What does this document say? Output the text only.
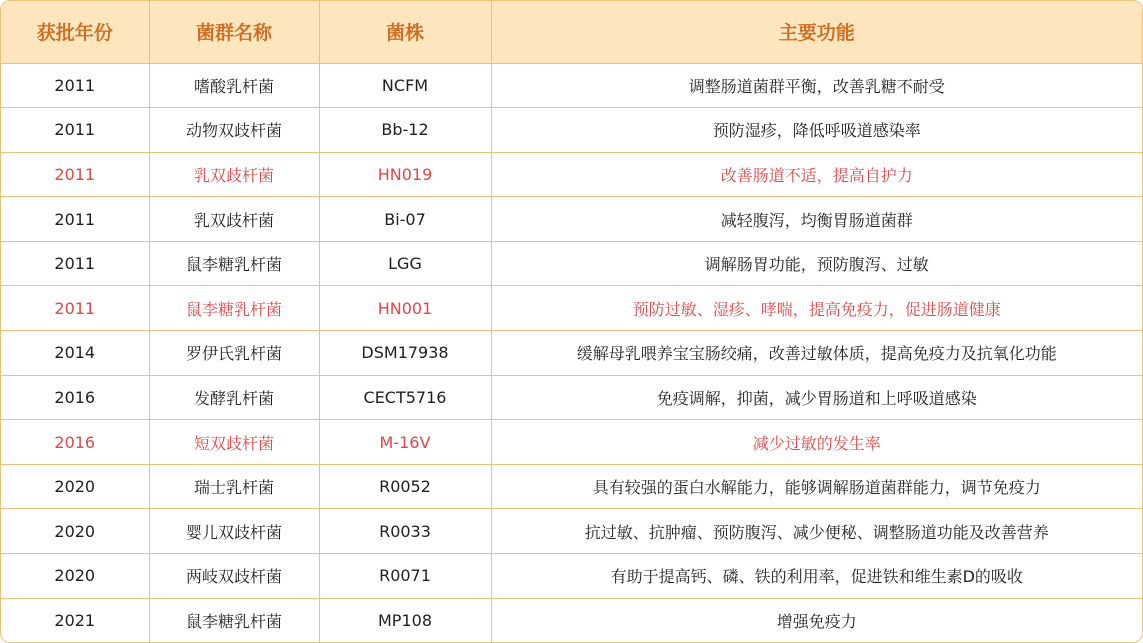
获批年份	菌群名称	菌株	主要功能
2011	嗜酸乳杆菌	NCFM	调整肠道菌群平衡，改善乳糖不耐受
2011	动物双歧杆菌	Bb-12	预防湿疹，降低呼吸道感染率
2011	乳双歧杆菌	HN019	改善肠道不适，提高自护力
2011	乳双歧杆菌	Bi-07	减轻腹泻，均衡胃肠道菌群
2011	鼠李糖乳杆菌	LGG	调解肠胃功能，预防腹泻、过敏
2011	鼠李糖乳杆菌	HN001	预防过敏、湿疹、哮喘，提高免疫力，促进肠道健康
2014	罗伊氏乳杆菌	DSM17938	缓解母乳喂养宝宝肠绞痛，改善过敏体质，提高免疫力及抗氧化功能
2016	发酵乳杆菌	CECT5716	免疫调解，抑菌，减少胃肠道和上呼吸道感染
2016	短双歧杆菌	M-16V	减少过敏的发生率
2020	瑞士乳杆菌	R0052	具有较强的蛋白水解能力，能够调解肠道菌群能力，调节免疫力
2020	婴儿双歧杆菌	R0033	抗过敏、抗肿瘤、预防腹泻、减少便秘、调整肠道功能及改善营养
2020	两岐双歧杆菌	R0071	有助于提高钙、磷、铁的利用率，促进铁和维生素D的吸收
2021	鼠李糖乳杆菌	MP108	增强免疫力
